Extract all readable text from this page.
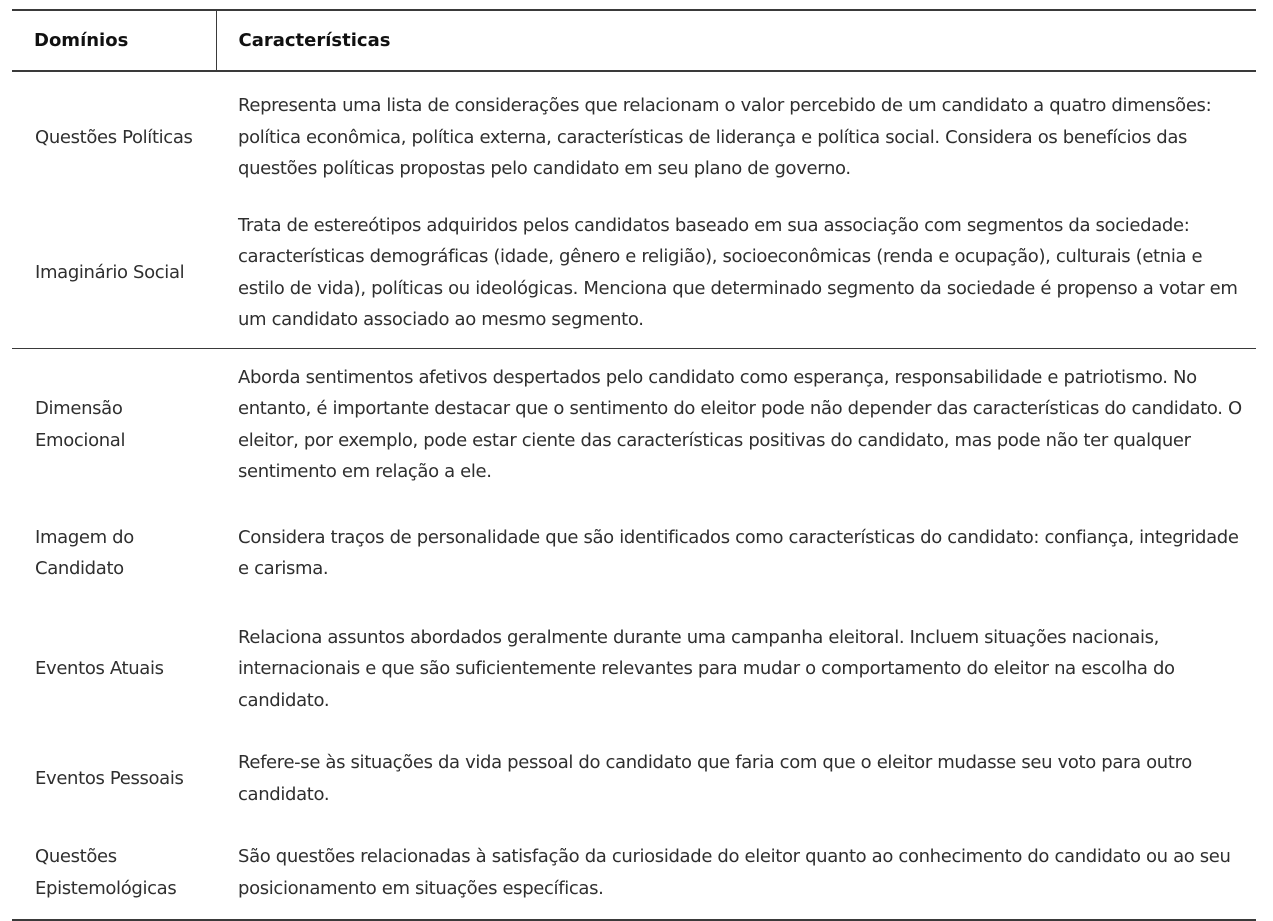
Domínios	Características
Questões Políticas	Representa uma lista de considerações que relacionam o valor percebido de um candidato a quatro dimensões: política econômica, política externa, características de liderança e política social. Considera os benefícios das questões políticas propostas pelo candidato em seu plano de governo.
Imaginário Social	Trata de estereótipos adquiridos pelos candidatos baseado em sua associação com segmentos da sociedade: características demográficas (idade, gênero e religião), socioeconômicas (renda e ocupação), culturais (etnia e estilo de vida), políticas ou ideológicas. Menciona que determinado segmento da sociedade é propenso a votar em um candidato associado ao mesmo segmento.
Dimensão Emocional	Aborda sentimentos afetivos despertados pelo candidato como esperança, responsabilidade e patriotismo. No entanto, é importante destacar que o sentimento do eleitor pode não depender das características do candidato. O eleitor, por exemplo, pode estar ciente das características positivas do candidato, mas pode não ter qualquer sentimento em relação a ele.
Imagem do Candidato	Considera traços de personalidade que são identificados como características do candidato: confiança, integridade e carisma.
Eventos Atuais	Relaciona assuntos abordados geralmente durante uma campanha eleitoral. Incluem situações nacionais, internacionais e que são suficientemente relevantes para mudar o comportamento do eleitor na escolha do candidato.
Eventos Pessoais	Refere-se às situações da vida pessoal do candidato que faria com que o eleitor mudasse seu voto para outro candidato.
Questões Epistemológicas	São questões relacionadas à satisfação da curiosidade do eleitor quanto ao conhecimento do candidato ou ao seu posicionamento em situações específicas.
